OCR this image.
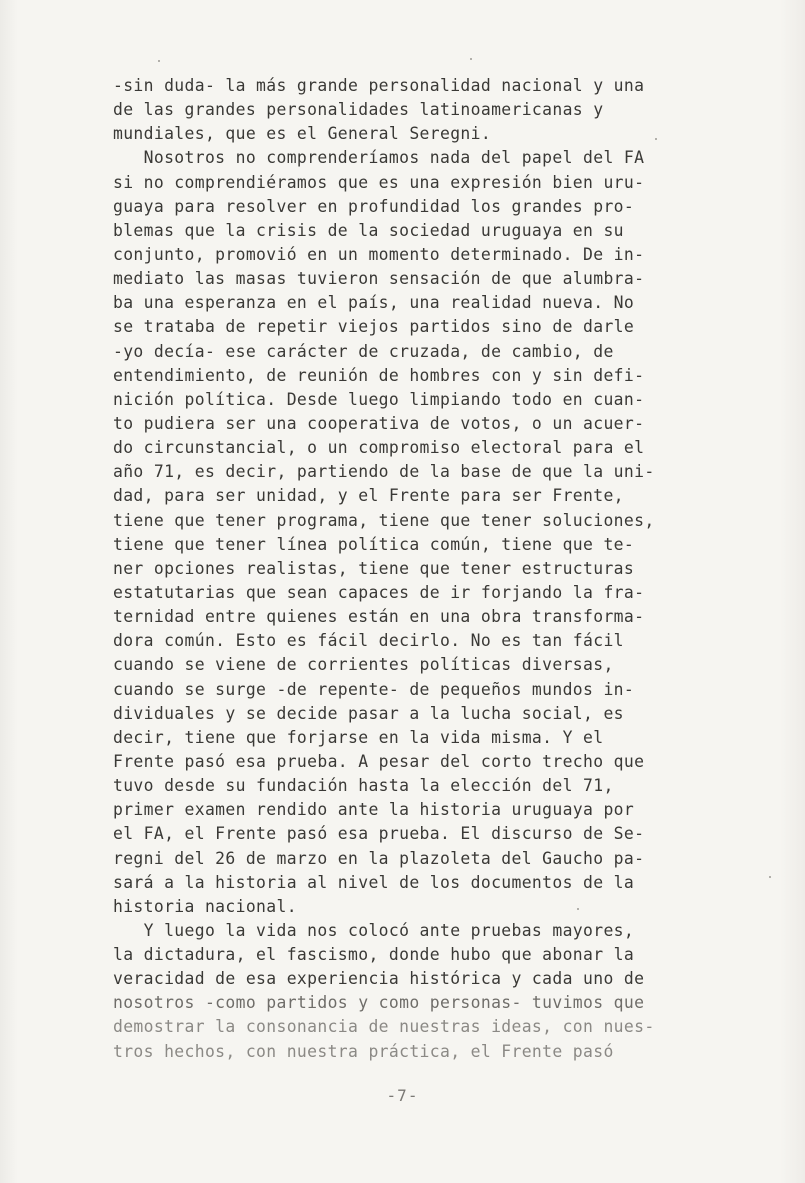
-sin duda- la más grande personalidad nacional y una
de las grandes personalidades latinoamericanas y
mundiales, que es el General Seregni.
Nosotros no comprenderíamos nada del papel del FA
si no comprendiéramos que es una expresión bien uru-
guaya para resolver en profundidad los grandes pro-
blemas que la crisis de la sociedad uruguaya en su
conjunto, promovió en un momento determinado. De in-
mediato las masas tuvieron sensación de que alumbra-
ba una esperanza en el país, una realidad nueva. No
se trataba de repetir viejos partidos sino de darle
-yo decía- ese carácter de cruzada, de cambio, de
entendimiento, de reunión de hombres con y sin defi-
nición política. Desde luego limpiando todo en cuan-
to pudiera ser una cooperativa de votos, o un acuer-
do circunstancial, o un compromiso electoral para el
año 71, es decir, partiendo de la base de que la uni-
dad, para ser unidad, y el Frente para ser Frente,
tiene que tener programa, tiene que tener soluciones,
tiene que tener línea política común, tiene que te-
ner opciones realistas, tiene que tener estructuras
estatutarias que sean capaces de ir forjando la fra-
ternidad entre quienes están en una obra transforma-
dora común. Esto es fácil decirlo. No es tan fácil
cuando se viene de corrientes políticas diversas,
cuando se surge -de repente- de pequeños mundos in-
dividuales y se decide pasar a la lucha social, es
decir, tiene que forjarse en la vida misma. Y el
Frente pasó esa prueba. A pesar del corto trecho que
tuvo desde su fundación hasta la elección del 71,
primer examen rendido ante la historia uruguaya por
el FA, el Frente pasó esa prueba. El discurso de Se-
regni del 26 de marzo en la plazoleta del Gaucho pa-
sará a la historia al nivel de los documentos de la
historia nacional.
Y luego la vida nos colocó ante pruebas mayores,
la dictadura, el fascismo, donde hubo que abonar la
veracidad de esa experiencia histórica y cada uno de
nosotros -como partidos y como personas- tuvimos que
demostrar la consonancia de nuestras ideas, con nues-
tros hechos, con nuestra práctica, el Frente pasó
-7-
